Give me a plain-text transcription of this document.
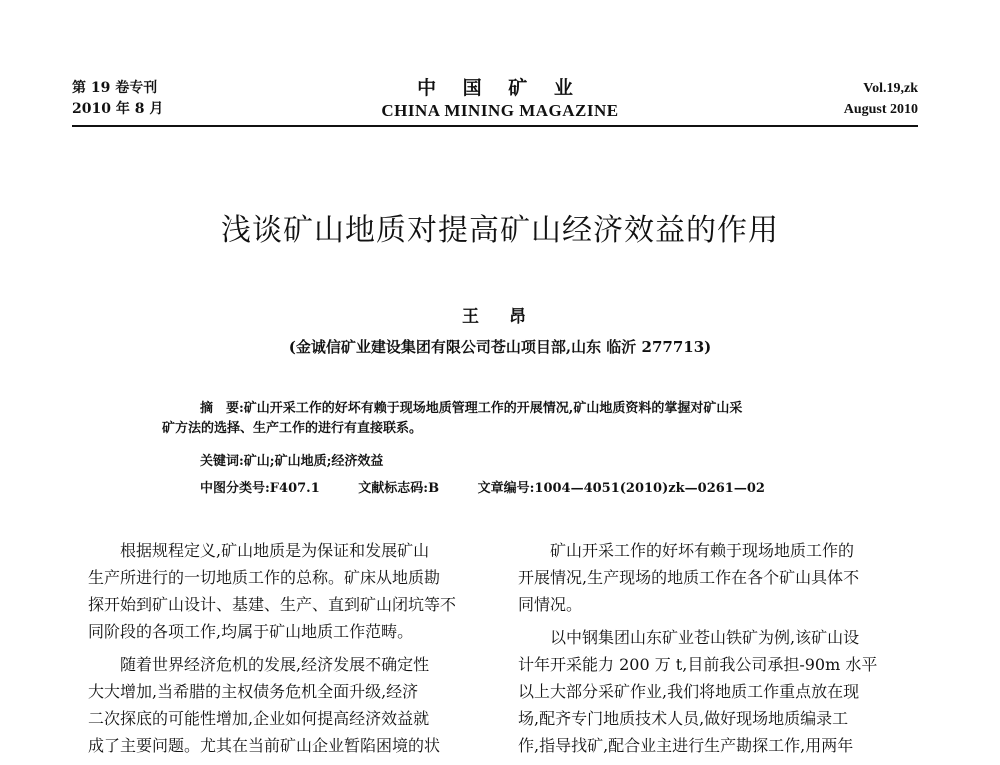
第 19 卷专刊
2010 年 8 月
中 国 矿 业
CHINA MINING MAGAZINE
Vol.19,zk
August 2010
浅谈矿山地质对提高矿山经济效益的作用
王 昂
(金诚信矿业建设集团有限公司苍山项目部,山东 临沂 277713)
摘　要:矿山开采工作的好坏有赖于现场地质管理工作的开展情况,矿山地质资料的掌握对矿山采
矿方法的选择、生产工作的进行有直接联系。
关键词:矿山;矿山地质;经济效益
中图分类号:F407.1	文献标志码:B	文章编号:1004—4051(2010)zk—0261—02

根据规程定义,矿山地质是为保证和发展矿山
生产所进行的一切地质工作的总称。矿床从地质勘
探开始到矿山设计、基建、生产、直到矿山闭坑等不
同阶段的各项工作,均属于矿山地质工作范畴。

随着世界经济危机的发展,经济发展不确定性
大大增加,当希腊的主权债务危机全面升级,经济
二次探底的可能性增加,企业如何提高经济效益就
成了主要问题。尤其在当前矿山企业暂陷困境的状

矿山开采工作的好坏有赖于现场地质工作的
开展情况,生产现场的地质工作在各个矿山具体不
同情况。

以中钢集团山东矿业苍山铁矿为例,该矿山设
计年开采能力 200 万 t,目前我公司承担-90m 水平
以上大部分采矿作业,我们将地质工作重点放在现
场,配齐专门地质技术人员,做好现场地质编录工
作,指导找矿,配合业主进行生产勘探工作,用两年
